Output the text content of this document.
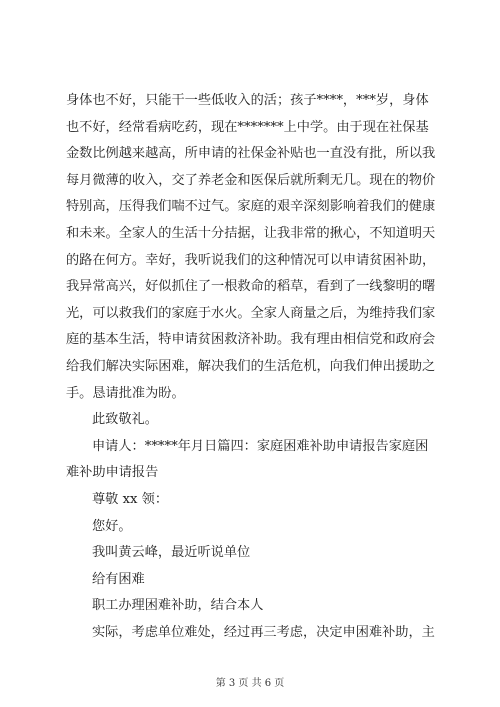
身体也不好，只能干一些低收入的活；孩子****，***岁，身体
也不好，经常看病吃药，现在*******上中学。由于现在社保基
金数比例越来越高，所申请的社保金补贴也一直没有批，所以我
每月微薄的收入，交了养老金和医保后就所剩无几。现在的物价
特别高，压得我们喘不过气。家庭的艰辛深刻影响着我们的健康
和未来。全家人的生活十分拮据，让我非常的揪心，不知道明天
的路在何方。幸好，我听说我们的这种情况可以申请贫困补助，
我异常高兴，好似抓住了一根救命的稻草，看到了一线黎明的曙
光，可以救我们的家庭于水火。全家人商量之后，为维持我们家
庭的基本生活，特申请贫困救济补助。我有理由相信党和政府会
给我们解决实际困难，解决我们的生活危机，向我们伸出援助之
手。恳请批准为盼。
此致敬礼。
申请人：*****年月日篇四：家庭困难补助申请报告家庭困
难补助申请报告
尊敬 xx 领：
您好。
我叫黄云峰，最近听说单位
给有困难
职工办理困难补助，结合本人
实际，考虑单位难处，经过再三考虑，决定申困难补助，主
第 3 页 共 6 页
